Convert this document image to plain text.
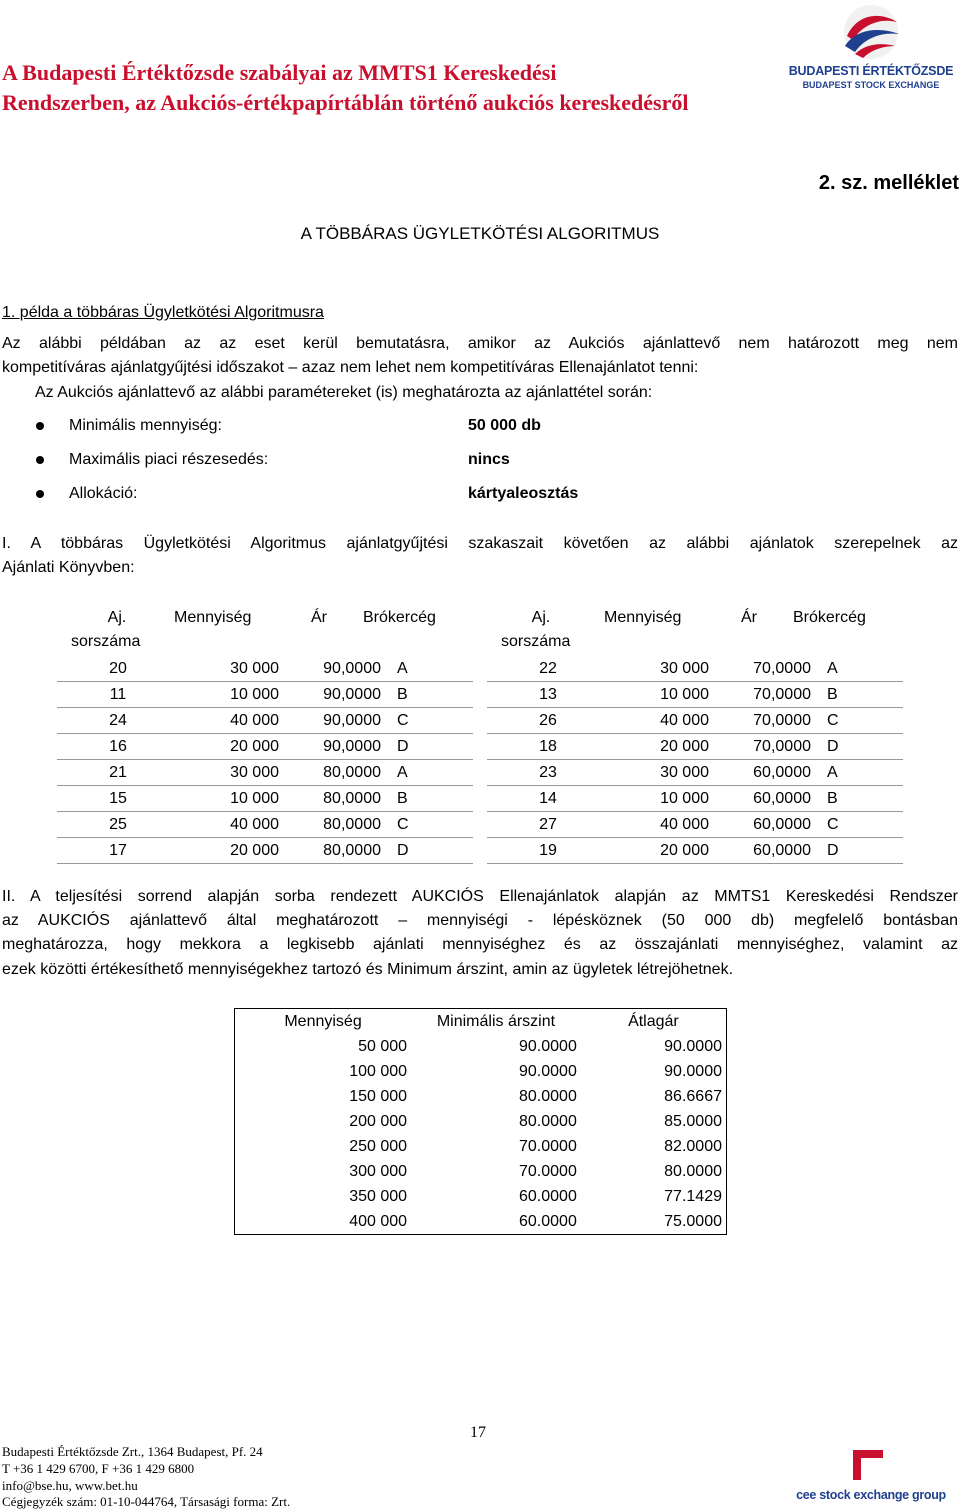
A Budapesti Értéktőzsde szabályai az MMTS1 Kereskedési
Rendszerben, az Aukciós-értékpapírtáblán történő aukciós kereskedésről
BUDAPESTI ÉRTÉKTŐZSDE
BUDAPEST STOCK EXCHANGE
2. sz. melléklet
A TÖBBÁRAS ÜGYLETKÖTÉSI ALGORITMUS
1. példa a többáras Ügyletkötési Algoritmusra
Az alábbi példában az az eset kerül bemutatásra, amikor az Aukciós ajánlattevő nem határozott meg nem
kompetitíváras ajánlatgyűjtési időszakot – azaz nem lehet nem kompetitíváras Ellenajánlatot tenni:
Az Aukciós ajánlattevő az alábbi paramétereket (is) meghatározta az ajánlattétel során:
Minimális mennyiség:	50 000 db
Maximális piaci részesedés:	nincs
Allokáció:	kártyaleosztás
I. A többáras Ügyletkötési Algoritmus ajánlatgyűjtési szakaszait követően az alábbi ajánlatok szerepelnek az
Ajánlati Könyvben:
Aj.
sorszáma	Mennyiség	Ár	Brókercég
20	30 000	90,0000	A
11	10 000	90,0000	B
24	40 000	90,0000	C
16	20 000	90,0000	D
21	30 000	80,0000	A
15	10 000	80,0000	B
25	40 000	80,0000	C
17	20 000	80,0000	D
Aj.
sorszáma	Mennyiség	Ár	Brókercég
22	30 000	70,0000	A
13	10 000	70,0000	B
26	40 000	70,0000	C
18	20 000	70,0000	D
23	30 000	60,0000	A
14	10 000	60,0000	B
27	40 000	60,0000	C
19	20 000	60,0000	D
II. A teljesítési sorrend alapján sorba rendezett AUKCIÓS Ellenajánlatok alapján az MMTS1 Kereskedési Rendszer
az AUKCIÓS ajánlattevő által meghatározott – mennyiségi - lépésköznek (50 000 db) megfelelő bontásban
meghatározza, hogy mekkora a legkisebb ajánlati mennyiséghez és az összajánlati mennyiséghez, valamint az
ezek közötti értékesíthető mennyiségekhez tartozó és Minimum árszint, amin az ügyletek létrejöhetnek.
Mennyiség	Minimális árszint	Átlagár
50 000	90.0000	90.0000
100 000	90.0000	90.0000
150 000	80.0000	86.6667
200 000	80.0000	85.0000
250 000	70.0000	82.0000
300 000	70.0000	80.0000
350 000	60.0000	77.1429
400 000	60.0000	75.0000
17
Budapesti Értéktőzsde Zrt., 1364 Budapest, Pf. 24
T +36 1 429 6700, F +36 1 429 6800
info@bse.hu, www.bet.hu
Cégjegyzék szám: 01-10-044764, Társasági forma: Zrt.	cee stock exchange group
